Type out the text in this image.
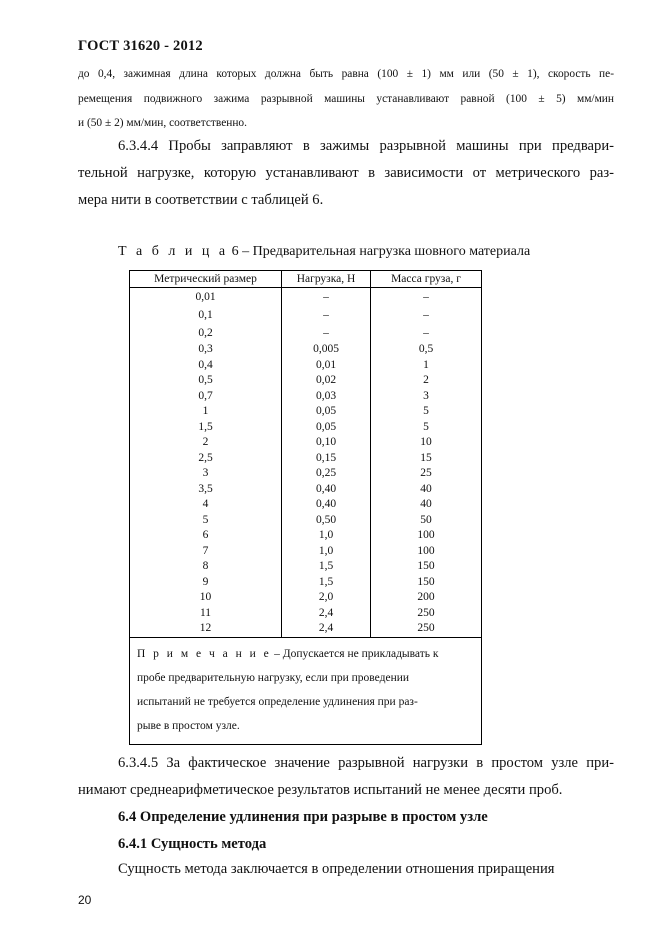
ГОСТ 31620 - 2012
до 0,4, зажимная длина которых должна быть равна (100 ± 1) мм или (50 ± 1), скорость пе-
ремещения подвижного зажима разрывной машины устанавливают равной (100 ± 5) мм/мин
и (50 ± 2) мм/мин, соответственно.
6.3.4.4 Пробы заправляют в зажимы разрывной машины при предвари-
тельной нагрузке, которую устанавливают в зависимости от метрического раз-
мера нити в соответствии с таблицей 6.
Т а б л и ц а 6 – Предварительная нагрузка шовного материала
Метрический размер	Нагрузка, Н	Масса груза, г
0,01
0,1
0,2
0,3
0,4
0,5
0,7
1
1,5
2
2,5
3
3,5
4
5
6
7
8
9
10
11
12
–
–
–
0,005
0,01
0,02
0,03
0,05
0,05
0,10
0,15
0,25
0,40
0,40
0,50
1,0
1,0
1,5
1,5
2,0
2,4
2,4
–
–
–
0,5
1
2
3
5
5
10
15
25
40
40
50
100
100
150
150
200
250
250
П р и м е ч а н и е – Допускается не прикладывать к
пробе предварительную нагрузку, если при проведении
испытаний не требуется определение удлинения при раз-
рыве в простом узле.
6.3.4.5 За фактическое значение разрывной нагрузки в простом узле при-
нимают среднеарифметическое результатов испытаний не менее десяти проб.
6.4 Определение удлинения при разрыве в простом узле
6.4.1 Сущность метода
Сущность метода заключается в определении отношения приращения
20
